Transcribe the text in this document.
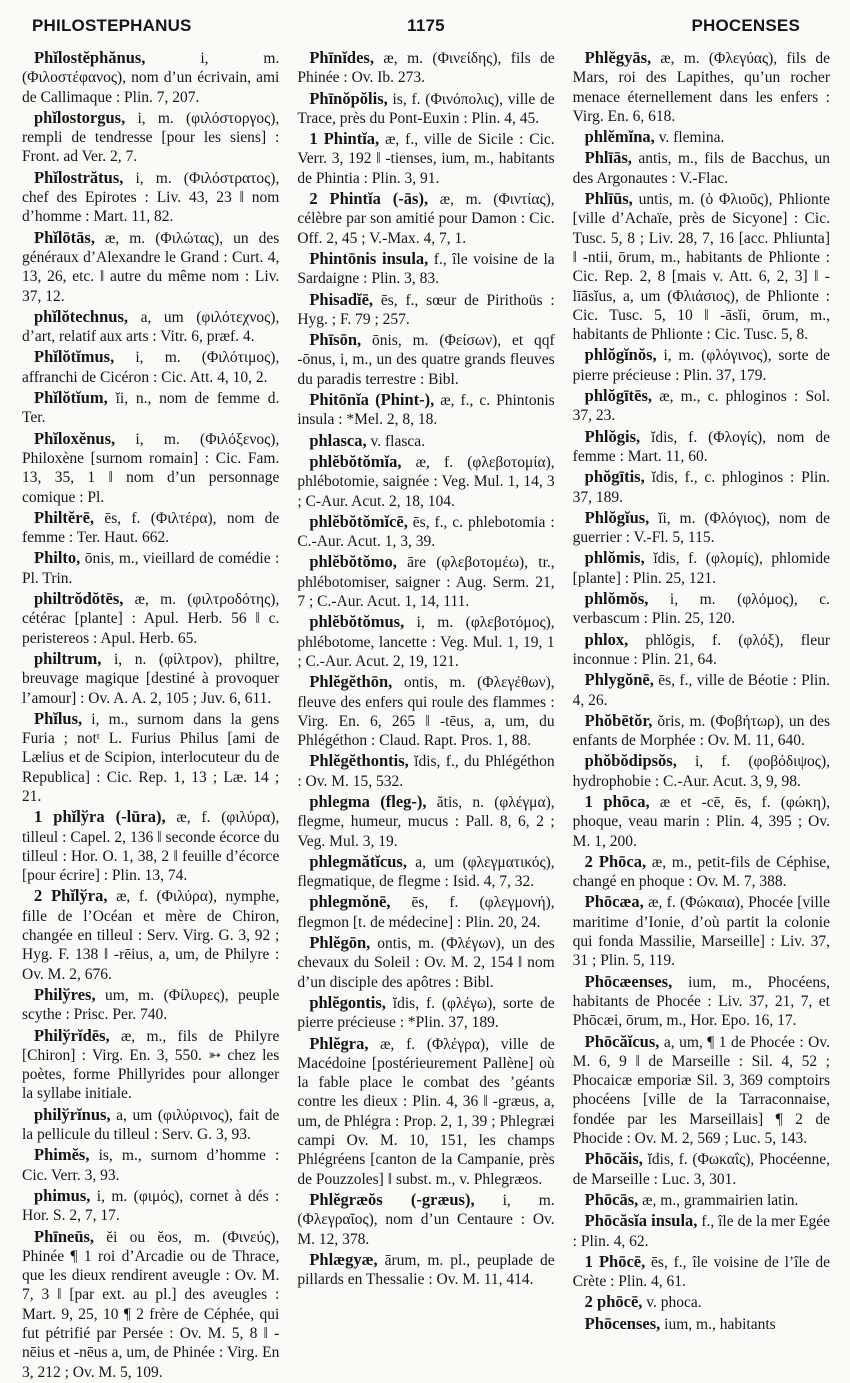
PHILOSTEPHANUS	1175	PHOCENSES

Phĭlostĕphănus,	i, m. (Φιλοστέφανος), nom d’un écrivain, ami de Callimaque : Plin. 7, 207.

phĭlostorgus, i, m. (φιλόστοργος), rempli de tendresse [pour les siens] : Front. ad Ver. 2, 7.

Phĭlostrătus, i, m. (Φιλόστρατος), chef des Epirotes : Liv. 43, 23 ‖ nom d’homme : Mart. 11, 82.

Phĭlōtās, æ, m. (Φιλώτας), un des généraux d’Alexandre le Grand : Curt. 4, 13, 26, etc. ‖ autre du même nom : Liv. 37, 12.

phĭlŏtechnus, a, um (φιλότεχνος), d’art, relatif aux arts : Vitr. 6, præf. 4.

Phĭlŏtĭmus, i, m. (Φιλότιμος), affranchi de Cicéron : Cic. Att. 4, 10, 2.

Phĭlŏtĭum, ĭi, n., nom de femme d. Ter.

Phĭloxĕnus, i, m. (Φιλόξενος), Philoxène [surnom romain] : Cic. Fam. 13, 35, 1 ‖ nom d’un personnage comique : Pl.

Philtĕrē, ēs, f. (Φιλτέρα), nom de femme : Ter. Haut. 662.

Philto, ōnis, m., vieillard de comédie : Pl. Trin.

philtrŏdŏtēs, æ, m. (φιλτροδότης), cétérac [plante] : Apul. Herb. 56 ‖ c. peristereos : Apul. Herb. 65.

philtrum, i, n. (φίλτρον), philtre, breuvage magique [destiné à provoquer l’amour] : Ov. A. A. 2, 105 ; Juv. 6, 611.

Phĭlus, i, m., surnom dans la gens Furia ; notᵗ L. Furius Philus [ami de Lælius et de Scipion, interlocuteur du de Republica] : Cic. Rep. 1, 13 ; Læ. 14 ; 21.

1 phĭlўra (-lūra), æ, f. (φιλύρα), tilleul : Capel. 2, 136 ‖ seconde écorce du tilleul : Hor. O. 1, 38, 2 ‖ feuille d’écorce [pour écrire] : Plin. 13, 74.

2 Phĭlўra, æ, f. (Φιλύρα), nymphe, fille de l’Océan et mère de Chiron, changée en tilleul : Serv. Virg. G. 3, 92 ; Hyg. F. 138 ‖ -rēius, a, um, de Philyre : Ov. M. 2, 676.

Philўres, um, m. (Φίλυρες), peuple scythe : Prisc. Per. 740.

Philўrĭdēs, æ, m., fils de Philyre [Chiron] : Virg. En. 3, 550. ➳ chez les poètes, forme Phillyrides pour allonger la syllabe initiale.

philўrĭnus, a, um (φιλύρινος), fait de la pellicule du tilleul : Serv. G. 3, 93.

Phimĕs, is, m., surnom d’homme : Cic. Verr. 3, 93.

phimus, i, m. (φιμός), cornet à dés : Hor. S. 2, 7, 17.

Phīneūs, ĕi ou ĕos, m. (Φινεύς), Phinée ¶ 1 roi d’Arcadie ou de Thrace, que les dieux rendirent aveugle : Ov. M. 7, 3 ‖ [par ext. au pl.] des aveugles : Mart. 9, 25, 10 ¶ 2 frère de Céphée, qui fut pétrifié par Persée : Ov. M. 5, 8 ‖ -nēius et -nēus a, um, de Phinée : Virg. En 3, 212 ; Ov. M. 5, 109.

Phīnĭdes, æ, m. (Φινείδης), fils de Phinée : Ov. Ib. 273.

Phīnŏpŏlis, is, f. (Φινόπολις), ville de Trace, près du Pont-Euxin : Plin. 4, 45.

1 Phintĭa, æ, f., ville de Sicile : Cic. Verr. 3, 192 ‖ -tienses, ium, m., habitants de Phintia : Plin. 3, 91.

2 Phintĭa (-ās), æ, m. (Φιντίας), célèbre par son amitié pour Damon : Cic. Off. 2, 45 ; V.-Max. 4, 7, 1.

Phintōnis insula, f., île voisine de la Sardaigne : Plin. 3, 83.

Phisadĭē, ēs, f., sœur de Pirithoüs : Hyg. ; F. 79 ; 257.

Phīsōn, ōnis, m. (Φείσων), et qqf -ōnus, i, m., un des quatre grands fleuves du paradis terrestre : Bibl.

Phitōnĭa (Phint-), æ, f., c. Phintonis insula : *Mel. 2, 8, 18.

phlasca, v. flasca.

phlĕbŏtŏmĭa, æ, f. (φλεβοτομία), phlébotomie, saignée : Veg. Mul. 1, 14, 3 ; C-Aur. Acut. 2, 18, 104.

phlĕbŏtŏmĭcē, ēs, f., c. phlebotomia : C.-Aur. Acut. 1, 3, 39.

phlĕbŏtŏmo, āre (φλεβοτομέω), tr., phlébotomiser, saigner : Aug. Serm. 21, 7 ; C.-Aur. Acut. 1, 14, 111.

phlĕbŏtŏmus, i, m. (φλεβοτόμος), phlébotome, lancette : Veg. Mul. 1, 19, 1 ; C.-Aur. Acut. 2, 19, 121.

Phlĕgĕthōn, ontis, m. (Φλεγέθων), fleuve des enfers qui roule des flammes : Virg. En. 6, 265 ‖ -tēus, a, um, du Phlégéthon : Claud. Rapt. Pros. 1, 88.

Phlĕgĕthontis, ĭdis, f., du Phlégéthon : Ov. M. 15, 532.

phlegma (fleg-), ătis, n. (φλέγμα), flegme, humeur, mucus : Pall. 8, 6, 2 ; Veg. Mul. 3, 19.

phlegmătĭcus, a, um (φλεγματικός), flegmatique, de flegme : Isid. 4, 7, 32.

phlegmŏnē, ēs, f. (φλεγμονή), flegmon [t. de médecine] : Plin. 20, 24.

Phlĕgōn, ontis, m. (Φλέγων), un des chevaux du Soleil : Ov. M. 2, 154 ‖ nom d’un disciple des apôtres : Bibl.

phlĕgontis, ĭdis, f. (φλέγω), sorte de pierre précieuse : *Plin. 37, 189.

Phlĕgra, æ, f. (Φλέγρα), ville de Macédoine [postérieurement Pallène] où la fable place le combat des ’géants contre les dieux : Plin. 4, 36 ‖ -græus, a, um, de Phlégra : Prop. 2, 1, 39 ; Phlegræi campi Ov. M. 10, 151, les champs Phlégréens [canton de la Campanie, près de Pouzzoles] ‖ subst. m., v. Phlegræos.

Phlĕgræŏs (-græus), i, m. (Φλεγραῖος), nom d’un Centaure : Ov. M. 12, 378.

Phlægyæ, ārum, m. pl., peuplade de pillards en Thessalie : Ov. M. 11, 414.

Phlĕgyās, æ, m. (Φλεγύας), fils de Mars, roi des Lapithes, qu’un rocher menace éternellement dans les enfers : Virg. En. 6, 618.

phlĕmĭna, v. flemina.

Phlīās, antis, m., fils de Bacchus, un des Argonautes : V.-Flac.

Phlīūs, untis, m. (ὁ Φλιοῦς), Phlionte [ville d’Achaïe, près de Sicyone] : Cic. Tusc. 5, 8 ; Liv. 28, 7, 16 [acc. Phliunta] ‖ -ntii, ōrum, m., habitants de Phlionte : Cic. Rep. 2, 8 [mais v. Att. 6, 2, 3] ‖ -līāsĭus, a, um (Φλιάσιος), de Phlionte : Cic. Tusc. 5, 10 ‖ -āsĭi, ōrum, m., habitants de Phlionte : Cic. Tusc. 5, 8.

phlŏgĭnŏs, i, m. (φλόγινος), sorte de pierre précieuse : Plin. 37, 179.

phlŏgītēs, æ, m., c. phloginos : Sol. 37, 23.

Phlŏgis, ĭdis, f. (Φλογίς), nom de femme : Mart. 11, 60.

phŏgītis, ĭdis, f., c. phloginos : Plin. 37, 189.

Phlŏgĭus, ĭi, m. (Φλόγιος), nom de guerrier : V.-Fl. 5, 115.

phlŏmis, ĭdis, f. (φλομίς), phlomide [plante] : Plin. 25, 121.

phlŏmŏs, i, m. (φλόμος), c. verbascum : Plin. 25, 120.

phlox, phlŏgis, f. (φλόξ), fleur inconnue : Plin. 21, 64.

Phlygŏnē, ēs, f., ville de Béotie : Plin. 4, 26.

Phŏbētŏr, ŏris, m. (Φοβήτωρ), un des enfants de Morphée : Ov. M. 11, 640.

phŏbŏdipsŏs, i, f. (φοβόδιψος), hydrophobie : C.-Aur. Acut. 3, 9, 98.

1 phōca, æ et -cē, ēs, f. (φώκη), phoque, veau marin : Plin. 4, 395 ; Ov. M. 1, 200.

2 Phōca, æ, m., petit-fils de Céphise, changé en phoque : Ov. M. 7, 388.

Phōcæa, æ, f. (Φώκαια), Phocée [ville maritime d’Ionie, d’où partit la colonie qui fonda Massilie, Marseille] : Liv. 37, 31 ; Plin. 5, 119.

Phōcæenses, ium, m., Phocéens, habitants de Phocée : Liv. 37, 21, 7, et Phōcæi, ōrum, m., Hor. Epo. 16, 17.

Phōcăĭcus, a, um, ¶ 1 de Phocée : Ov. M. 6, 9 ‖ de Marseille : Sil. 4, 52 ; Phocaicæ emporiæ Sil. 3, 369 comptoirs phocéens [ville de la Tarraconnaise, fondée par les Marseillais] ¶ 2 de Phocide : Ov. M. 2, 569 ; Luc. 5, 143.

Phōcăis, ĭdis, f. (Φωκαΐς), Phocéenne, de Marseille : Luc. 3, 301.

Phōcās, æ, m., grammairien latin.

Phōcăsĭa insula, f., île de la mer Egée : Plin. 4, 62.

1 Phōcē, ēs, f., île voisine de l’île de Crète : Plin. 4, 61.

2 phōcē, v. phoca.

Phōcenses, ium, m., habitants
